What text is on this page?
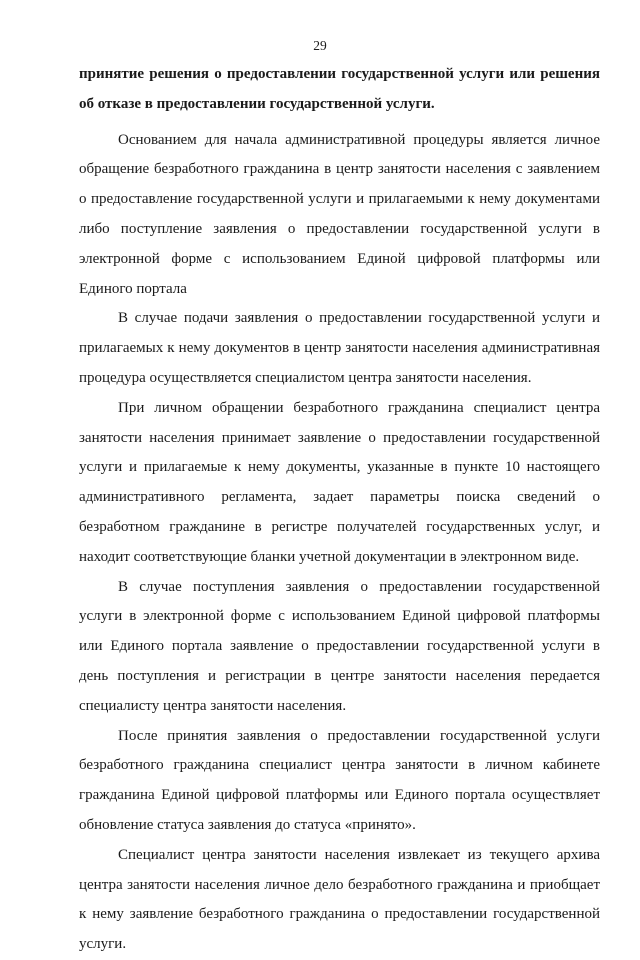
29

принятие решения о предоставлении государственной услуги или решения об отказе в предоставлении государственной услуги.

Основанием для начала административной процедуры является личное обращение безработного гражданина в центр занятости населения с заявлением о предоставление государственной услуги и прилагаемыми к нему документами либо поступление заявления о предоставлении государственной услуги в электронной форме с использованием Единой цифровой платформы или Единого портала

В случае подачи заявления о предоставлении государственной услуги и прилагаемых к нему документов в центр занятости населения административная процедура осуществляется специалистом центра занятости населения.

При личном обращении безработного гражданина специалист центра занятости населения принимает заявление о предоставлении государственной услуги и прилагаемые к нему документы, указанные в пункте 10 настоящего административного регламента, задает параметры поиска сведений о безработном гражданине в регистре получателей государственных услуг, и находит соответствующие бланки учетной документации в электронном виде.

В случае поступления заявления о предоставлении государственной услуги в электронной форме с использованием Единой цифровой платформы или Единого портала заявление о предоставлении государственной услуги в день поступления и регистрации в центре занятости населения передается специалисту центра занятости населения.

После принятия заявления о предоставлении государственной услуги безработного гражданина специалист центра занятости в личном кабинете гражданина Единой цифровой платформы или Единого портала осуществляет обновление статуса заявления до статуса «принято».

Специалист центра занятости населения извлекает из текущего архива центра занятости населения личное дело безработного гражданина и приобщает к нему заявление безработного гражданина о предоставлении государственной услуги.
